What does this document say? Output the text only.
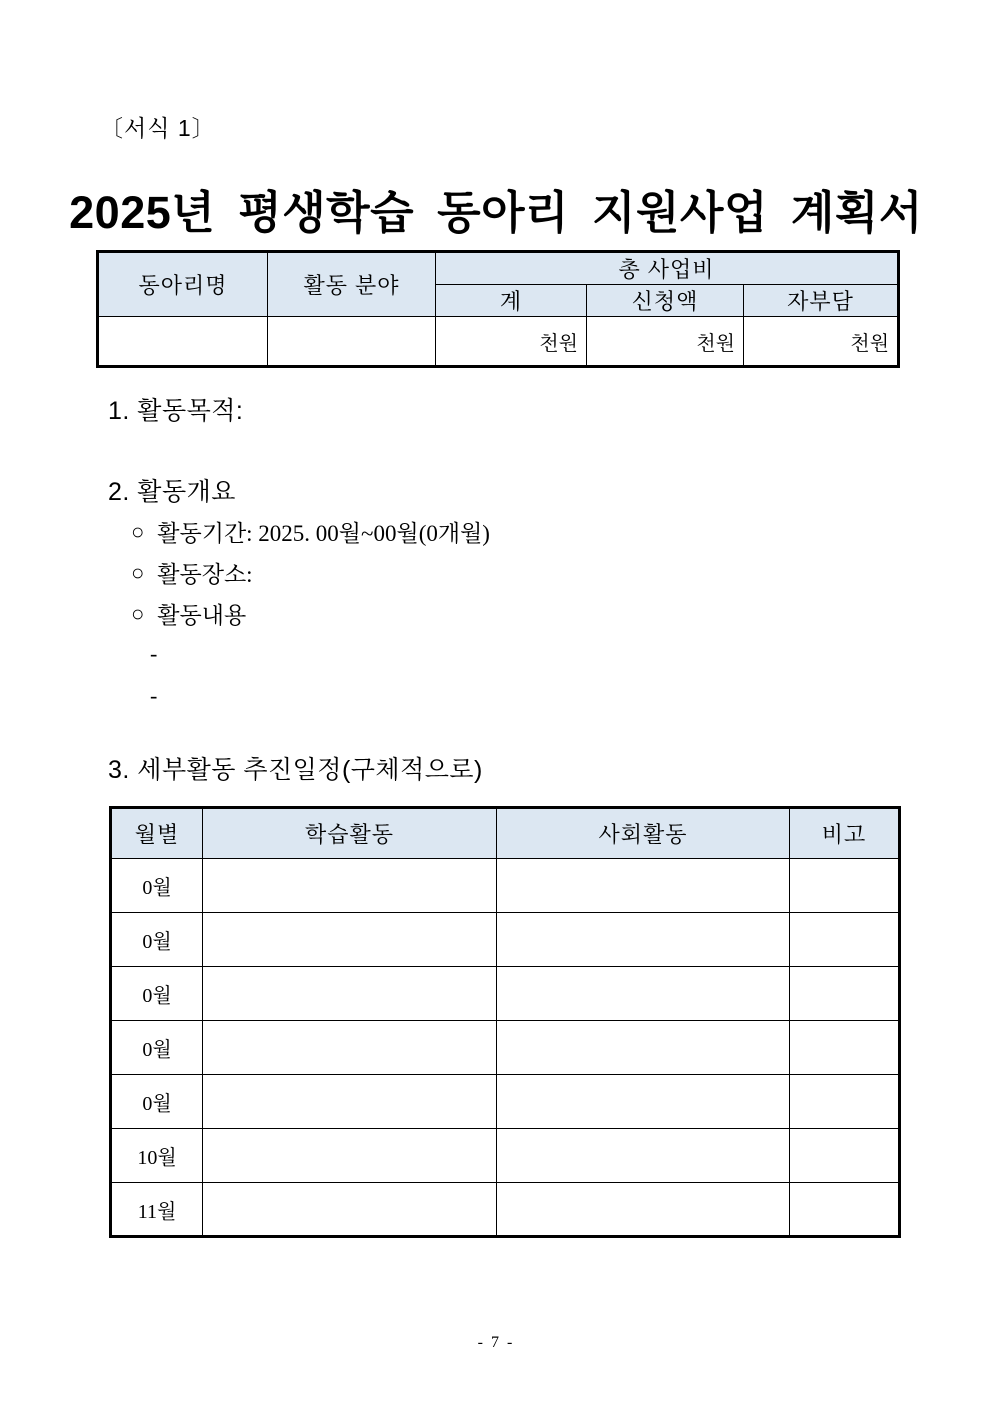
〔서식 1〕
2025년 평생학습 동아리 지원사업 계획서
동아리명	활동 분야	총 사업비		
		계	신청액	자부담
		천원	천원	천원
1. 활동목적:
2. 활동개요
○ 활동기간: 2025. 00월~00월(0개월)
○ 활동장소:
○ 활동내용
-
-
3. 세부활동 추진일정(구체적으로)
월별	학습활동	사회활동	비고
0월			
0월			
0월			
0월			
0월			
10월			
11월			
- 7 -
